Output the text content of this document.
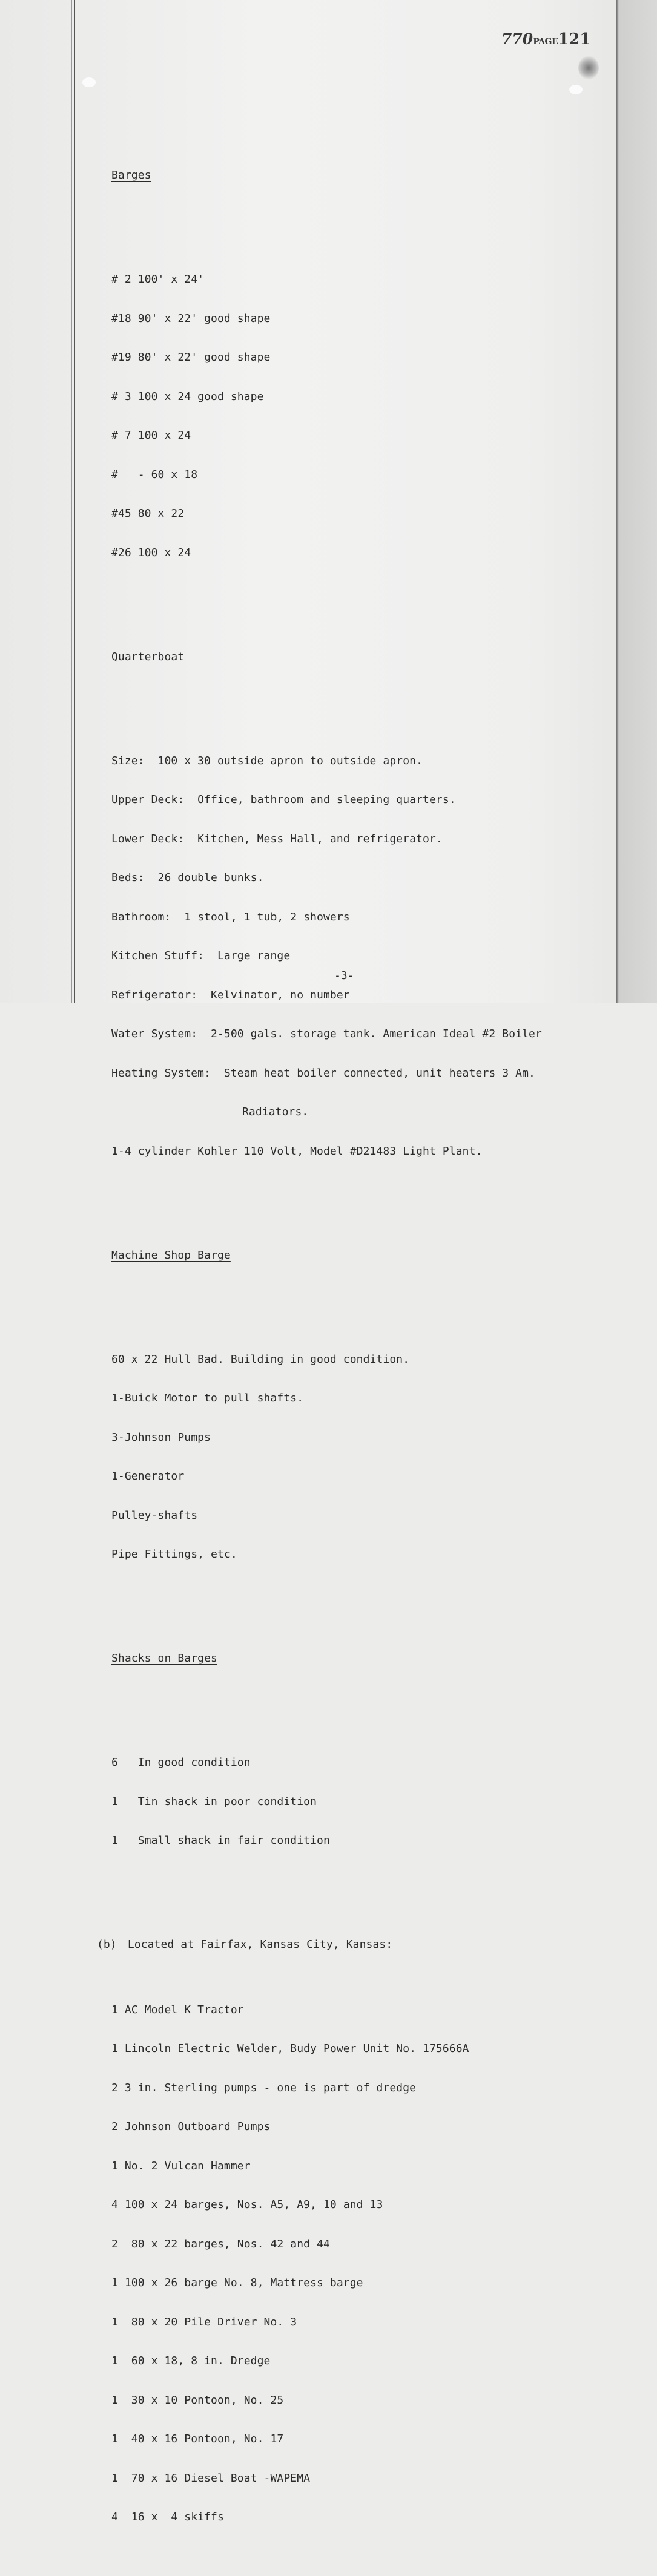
770PAGE121

Barges

# 2 100' x 24'

#18 90' x 22' good shape

#19 80' x 22' good shape

# 3 100 x 24 good shape

# 7 100 x 24

#   - 60 x 18

#45 80 x 22

#26 100 x 24

Quarterboat

Size:  100 x 30 outside apron to outside apron.

Upper Deck:  Office, bathroom and sleeping quarters.

Lower Deck:  Kitchen, Mess Hall, and refrigerator.

Beds:  26 double bunks.

Bathroom:  1 stool, 1 tub, 2 showers

Kitchen Stuff:  Large range

Refrigerator:  Kelvinator, no number

Water System:  2-500 gals. storage tank. American Ideal #2 Boiler

Heating System:  Steam heat boiler connected, unit heaters 3 Am.

Radiators.

1-4 cylinder Kohler 110 Volt, Model #D21483 Light Plant.

Machine Shop Barge

60 x 22 Hull Bad. Building in good condition.

1-Buick Motor to pull shafts.

3-Johnson Pumps

1-Generator

Pulley-shafts

Pipe Fittings, etc.

Shacks on Barges

6   In good condition

1   Tin shack in poor condition

1   Small shack in fair condition

(b) Located at Fairfax, Kansas City, Kansas:

1 AC Model K Tractor

1 Lincoln Electric Welder, Budy Power Unit No. 175666A

2 3 in. Sterling pumps - one is part of dredge

2 Johnson Outboard Pumps

1 No. 2 Vulcan Hammer

4 100 x 24 barges, Nos. A5, A9, 10 and 13

2  80 x 22 barges, Nos. 42 and 44

1 100 x 26 barge No. 8, Mattress barge

1  80 x 20 Pile Driver No. 3

1  60 x 18, 8 in. Dredge

1  30 x 10 Pontoon, No. 25

1  40 x 16 Pontoon, No. 17

1  70 x 16 Diesel Boat -WAPEMA

4  16 x  4 skiffs

-3-
